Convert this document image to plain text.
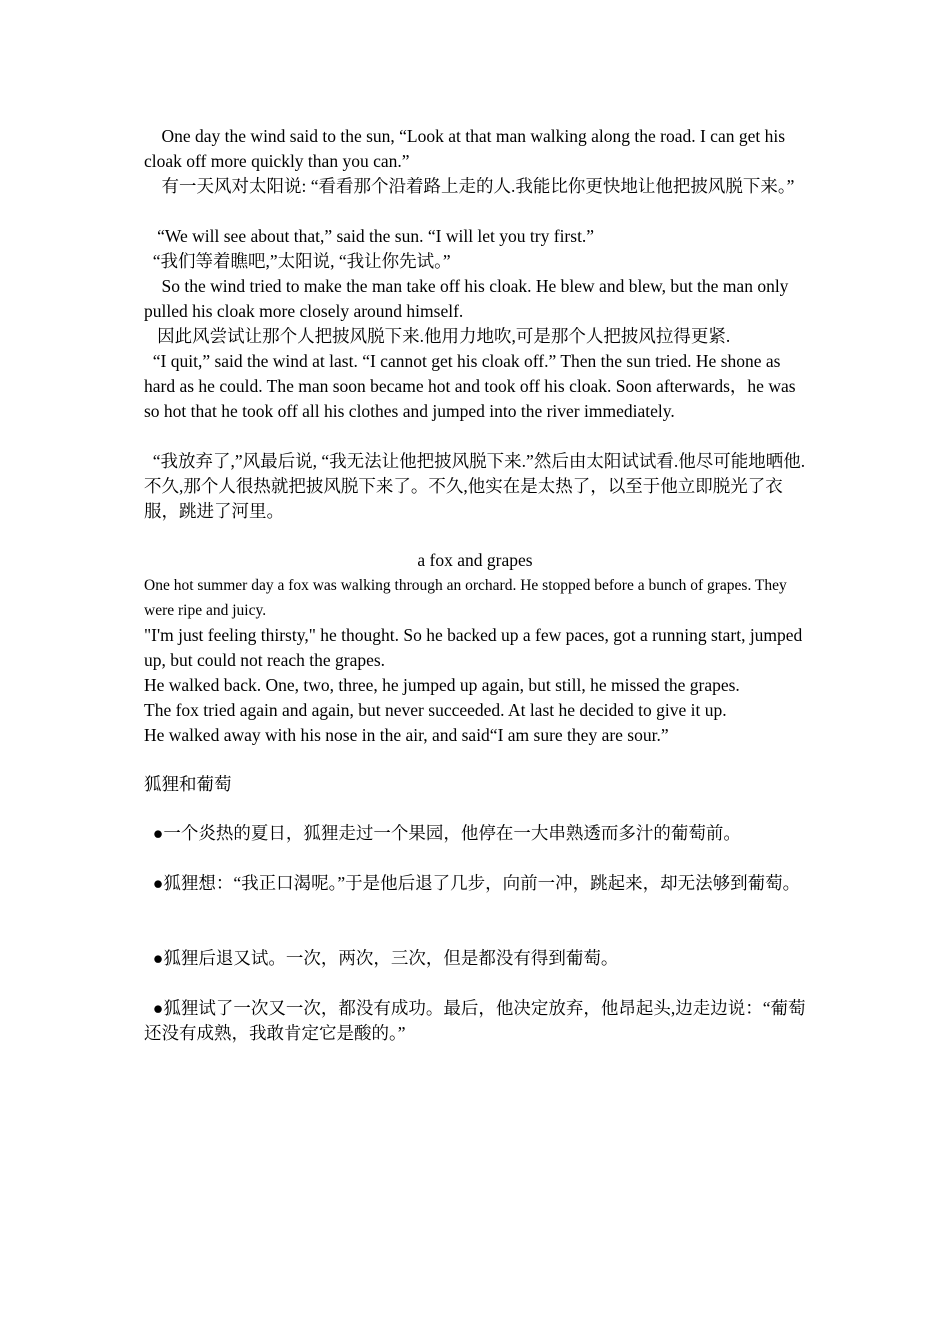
One day the wind said to the sun, “Look at that man walking along the road. I can get his cloak off more quickly than you can.”
有一天风对太阳说: “看看那个沿着路上走的人.我能比你更快地让他把披风脱下来。”
“We will see about that,” said the sun. “I will let you try first.”
“我们等着瞧吧,”太阳说, “我让你先试。”
So the wind tried to make the man take off his cloak. He blew and blew, but the man only pulled his cloak more closely around himself.
因此风尝试让那个人把披风脱下来.他用力地吹,可是那个人把披风拉得更紧.
“I quit,” said the wind at last. “I cannot get his cloak off.” Then the sun tried. He shone as hard as he could. The man soon became hot and took off his cloak. Soon afterwards，he was so hot that he took off all his clothes and jumped into the river immediately.
“我放弃了,”风最后说, “我无法让他把披风脱下来.”然后由太阳试试看.他尽可能地晒他.不久,那个人很热就把披风脱下来了。不久,他实在是太热了，以至于他立即脱光了衣服，跳进了河里。
a fox and grapes
One hot summer day a fox was walking through an orchard. He stopped before a bunch of grapes. They were ripe and juicy.
"I'm just feeling thirsty," he thought. So he backed up a few paces, got a running start, jumped up, but could not reach the grapes.
He walked back. One, two, three, he jumped up again, but still, he missed the grapes.
The fox tried again and again, but never succeeded. At last he decided to give it up.
He walked away with his nose in the air, and said“I am sure they are sour.”
狐狸和葡萄
●一个炎热的夏日，狐狸走过一个果园，他停在一大串熟透而多汁的葡萄前。
●狐狸想：“我正口渴呢。”于是他后退了几步，向前一冲，跳起来，却无法够到葡萄。
●狐狸后退又试。一次，两次，三次，但是都没有得到葡萄。
●狐狸试了一次又一次，都没有成功。最后，他决定放弃，他昂起头,边走边说：“葡萄还没有成熟，我敢肯定它是酸的。”
